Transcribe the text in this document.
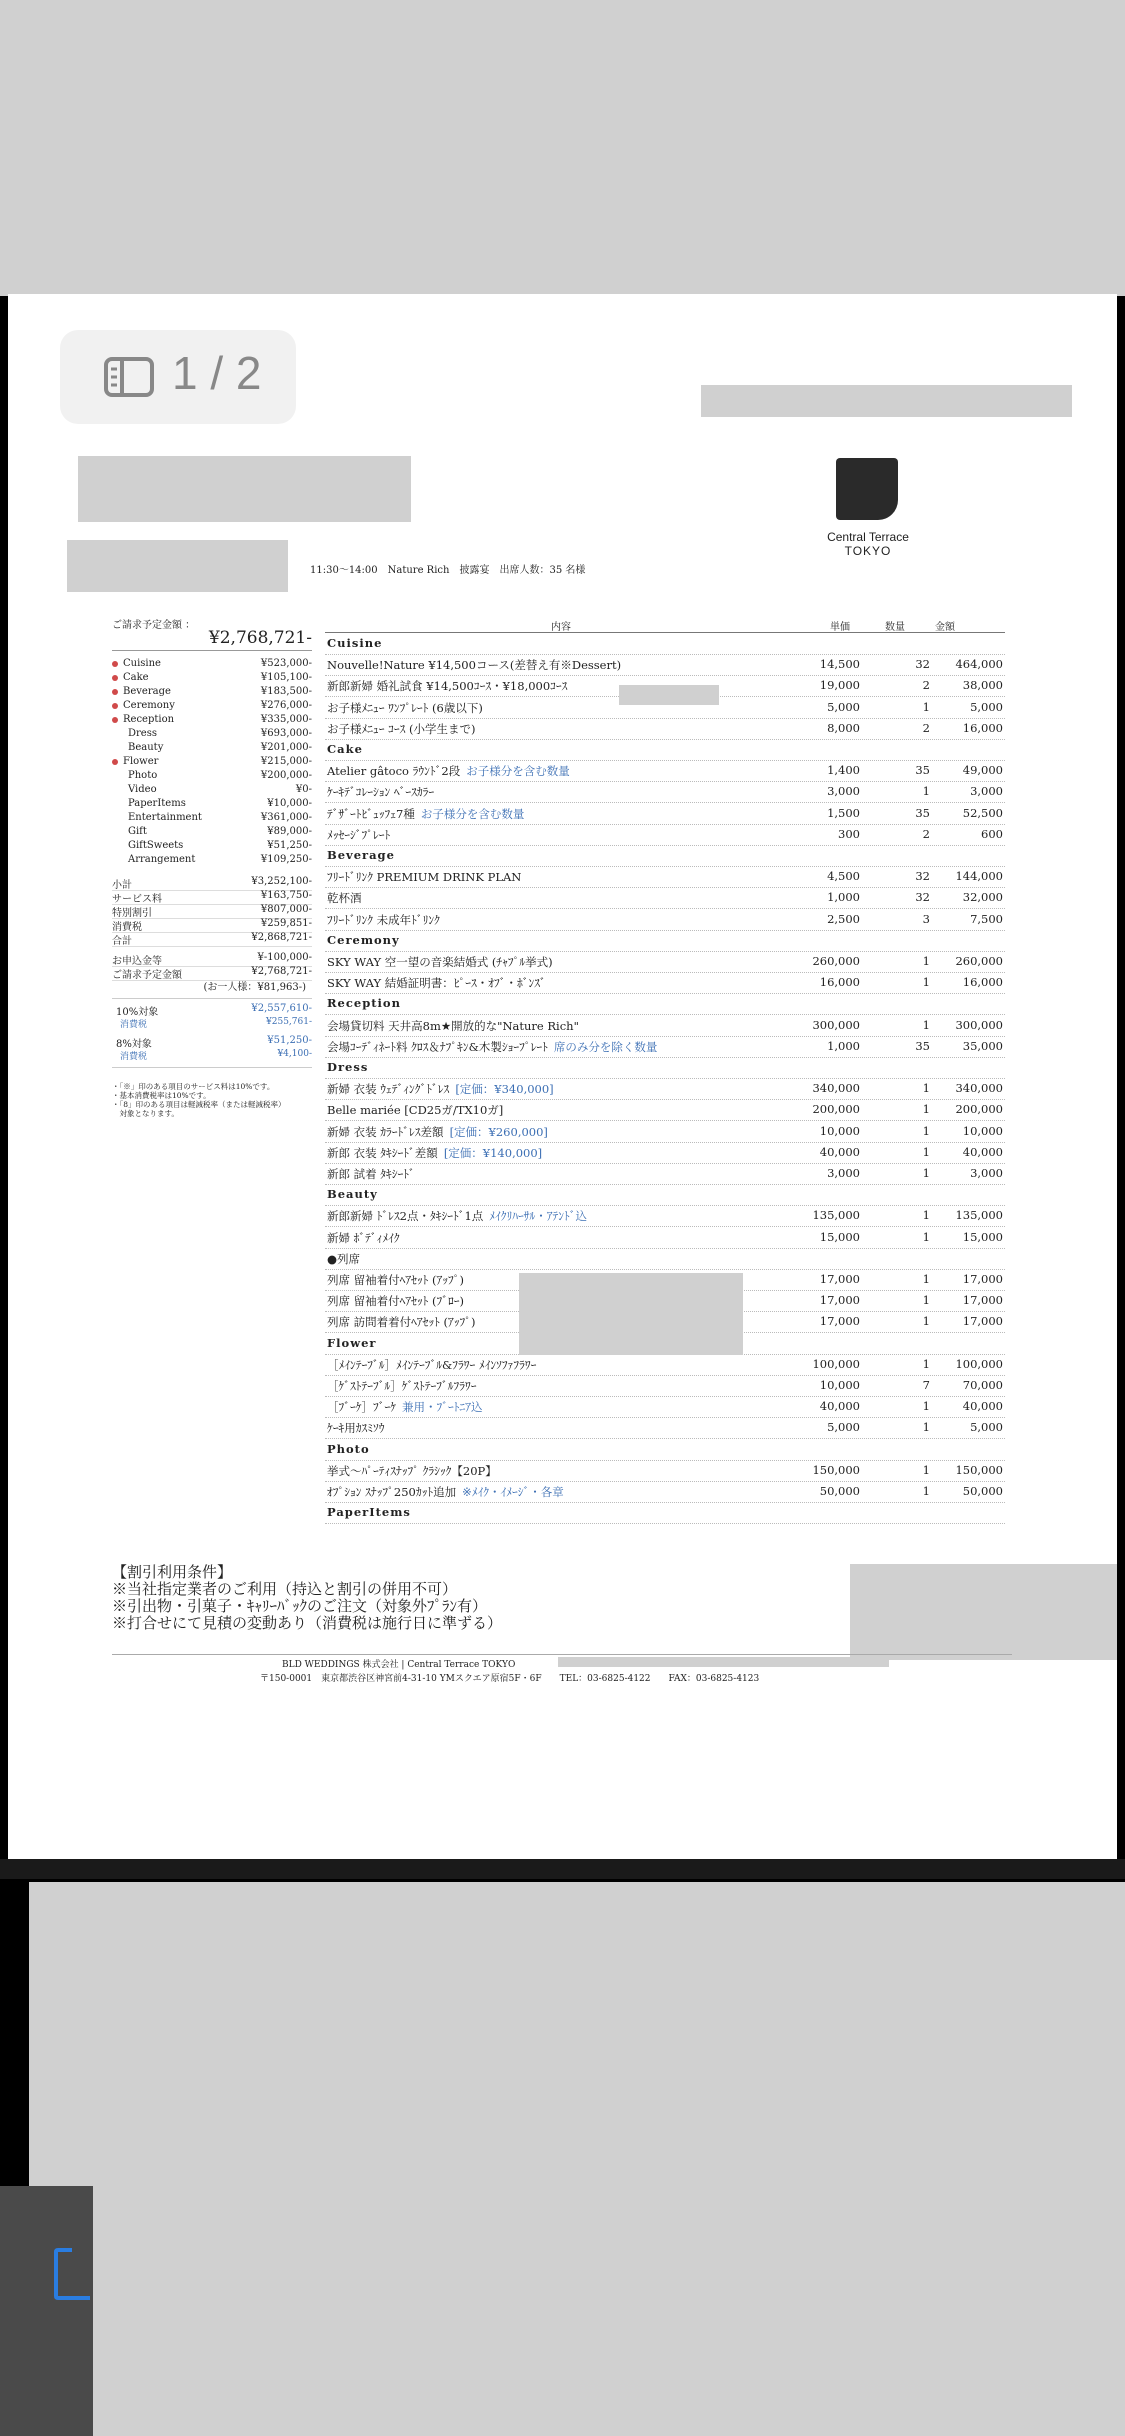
1 / 2
Central Terrace
TOKYO
11:30〜14:00　Nature Rich　披露宴　出席人数：35 名様
ご請求予定金額 ：
¥2,768,721-
Cuisine	¥523,000-
Cake	¥105,100-
Beverage	¥183,500-
Ceremony	¥276,000-
Reception	¥335,000-
Dress	¥693,000-
Beauty	¥201,000-
Flower	¥215,000-
Photo	¥200,000-
Video	¥0-
PaperItems	¥10,000-
Entertainment	¥361,000-
Gift	¥89,000-
GiftSweets	¥51,250-
Arrangement	¥109,250-
小計	¥3,252,100-
サービス料	¥163,750-
特別割引	¥807,000-
消費税	¥259,851-
合計	¥2,868,721-
お申込金等	¥-100,000-
ご請求予定金額	¥2,768,721-
(お一人様：¥81,963-)
10%対象	¥2,557,610-
消費税	¥255,761-
8%対象	¥51,250-
消費税	¥4,100-
・「※」印のある項目のサービス料は10%です。
・基本消費税率は10%です。
・「8」印のある項目は軽減税率（または軽減税率）
　対象となります。
内容	単価	数量	金額
Cuisine
Nouvelle!Nature ¥14,500コース(差替え有※Dessert)	14,500	32	464,000
新郎新婦 婚礼試食 ¥14,500ｺｰｽ・¥18,000ｺｰｽ	19,000	2	38,000
お子様ﾒﾆｭｰ ﾜﾝﾌﾟﾚｰﾄ (6歳以下)	5,000	1	5,000
お子様ﾒﾆｭｰ ｺｰｽ (小学生まで)	8,000	2	16,000
Cake
Atelier gâtoco ﾗｳﾝﾄﾞ2段 お子様分を含む数量	1,400	35	49,000
ｹｰｷﾃﾞｺﾚｰｼｮﾝ ﾍﾞｰｽｶﾗｰ	3,000	1	3,000
ﾃﾞｻﾞｰﾄﾋﾞｭｯﾌｪ7種 お子様分を含む数量	1,500	35	52,500
ﾒｯｾｰｼﾞﾌﾟﾚｰﾄ	300	2	600
Beverage
ﾌﾘｰﾄﾞﾘﾝｸ PREMIUM DRINK PLAN	4,500	32	144,000
乾杯酒	1,000	32	32,000
ﾌﾘｰﾄﾞﾘﾝｸ 未成年ﾄﾞﾘﾝｸ	2,500	3	7,500
Ceremony
SKY WAY 空一望の音楽結婚式 (ﾁｬﾌﾟﾙ挙式)	260,000	1	260,000
SKY WAY 結婚証明書：ﾋﾟｰｽ・ｵﾌﾞ・ﾎﾞﾝｽﾞ	16,000	1	16,000
Reception
会場貸切料 天井高8m★開放的な"Nature Rich"	300,000	1	300,000
会場ｺｰﾃﾞｨﾈｰﾄ料 ｸﾛｽ＆ﾅﾌﾟｷﾝ&木製ｼｮｰﾌﾟﾚｰﾄ 席のみ分を除く数量	1,000	35	35,000
Dress
新婦 衣装 ｳｪﾃﾞｨﾝｸﾞﾄﾞﾚｽ [定価：¥340,000]	340,000	1	340,000
Belle mariée [CD25ガ/TX10ガ]	200,000	1	200,000
新婦 衣装 ｶﾗｰﾄﾞﾚｽ差額 [定価：¥260,000]	10,000	1	10,000
新郎 衣装 ﾀｷｼｰﾄﾞ差額 [定価：¥140,000]	40,000	1	40,000
新郎 試着 ﾀｷｼｰﾄﾞ	3,000	1	3,000
Beauty
新郎新婦 ﾄﾞﾚｽ2点・ﾀｷｼｰﾄﾞ1点 ﾒｲｸﾘﾊｰｻﾙ・ｱﾃﾝﾄﾞ込	135,000	1	135,000
新婦 ﾎﾞﾃﾞｨﾒｲｸ	15,000	1	15,000
●列席
列席 留袖着付ﾍｱｾｯﾄ (ｱｯﾌﾟ)	17,000	1	17,000
列席 留袖着付ﾍｱｾｯﾄ (ﾌﾞﾛｰ)	17,000	1	17,000
列席 訪問着着付ﾍｱｾｯﾄ (ｱｯﾌﾟ)	17,000	1	17,000
Flower
［ﾒｲﾝﾃｰﾌﾞﾙ］ﾒｲﾝﾃｰﾌﾞﾙ&ﾌﾗﾜｰ ﾒｲﾝｿﾌｧﾌﾗﾜｰ	100,000	1	100,000
［ｹﾞｽﾄﾃｰﾌﾞﾙ］ｹﾞｽﾄﾃｰﾌﾞﾙﾌﾗﾜｰ	10,000	7	70,000
［ﾌﾞｰｹ］ﾌﾞｰｹ 兼用・ﾌﾞｰﾄﾆｱ込	40,000	1	40,000
ｹｰｷ用ｶｽﾐｿｳ	5,000	1	5,000
Photo
挙式〜ﾊﾟｰﾃｨｽﾅｯﾌﾟ ｸﾗｼｯｸ【20P】	150,000	1	150,000
ｵﾌﾟｼｮﾝ ｽﾅｯﾌﾟ250ｶｯﾄ追加 ※ﾒｲｸ・ｲﾒｰｼﾞ・各章	50,000	1	50,000
PaperItems
【割引利用条件】
※当社指定業者のご利用（持込と割引の併用不可）
※引出物・引菓子・ｷｬﾘｰﾊﾞｯｸのご注文（対象外ﾌﾟﾗﾝ有）
※打合せにて見積の変動あり（消費税は施行日に準ずる）
BLD WEDDINGS 株式会社 | Central Terrace TOKYO
〒150-0001　東京都渋谷区神宮前4-31-10 YMスクエア原宿5F・6F　　TEL：03-6825-4122　　FAX：03-6825-4123
